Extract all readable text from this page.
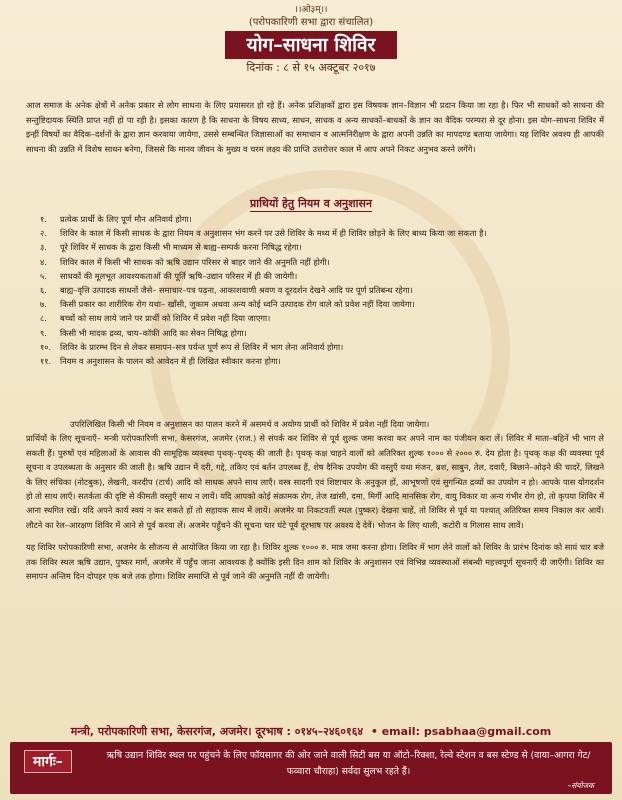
।।ओ३म्।।
(परोपकारिणी सभा द्वारा संचालित)
योग–साधना शिविर
दिनांक : ८ से १५ अक्टूबर २०१७
आज समाज के अनेक क्षेत्रों में अनेक प्रकार से लोग साधना के लिए प्रयासरत हो रहे हैं। अनेक प्रशिक्षकों द्वारा इस विषयक ज्ञान–विज्ञान भी प्रदान किया जा रहा है। फिर भी साधकों को साधना की सन्तुष्टिदायक स्थिति प्राप्त नहीं हो पा रही है। इसका कारण है कि साधना के विषय साध्य, साधन, साधक व अन्य साधकों–बाधकों के ज्ञान का वैदिक परम्परा से दूर होना। इस योग–साधना शिविर में इन्हीं विषयों का वैदिक–दर्शनों के द्वारा ज्ञान करवाया जायेगा, उससे सम्बन्धित जिज्ञासाओं का समाधान व आत्मनिरीक्षण के द्वारा अपनी उन्नति का मापदण्ड बताया जायेगा। यह शिविर अवश्य ही आपकी साधना की उन्नति में विशेष साधन बनेगा, जिससे कि मानव जीवन के मुख्य व चरम लक्ष्य की प्राप्ति उत्तरोत्तर काल में आप अपने निकट अनुभव करने लगेंगे।
प्राथियों हेतु नियम व अनुशासन
१. प्रत्येक प्रार्थी के लिए पूर्ण मौन अनिवार्य होगा।
२. शिविर के काल में किसी साधक के द्वारा नियम व अनुशासन भंग करने पर उसे शिविर के मध्य में ही शिविर छोड़ने के लिए बाध्य किया जा सकता है।
३. पूरे शिविर में साधक के द्वारा किसी भी माध्यम से बाह्य–सम्पर्क करना निषिद्ध रहेगा।
४. शिविर काल में किसी भी साधक को ऋषि उद्यान परिसर से बाहर जाने की अनुमति नहीं होगी।
५. साधकों की मूलभूत आवश्यकताओं की पूर्ति ऋषि–उद्यान परिसर में ही की जायेगी।
६. बाह्य–वृत्ति उत्पादक साधनों जैसे– समाचार–पत्र पढ़ना, आकाशवाणी श्रवण व दूरदर्शन देखने आदि पर पूर्ण प्रतिबन्ध रहेगा।
७. किसी प्रकार का शारीरिक रोग यथा– खाँसी, जुकाम अथवा अन्य कोई ध्वनि उत्पादक रोग वाले को प्रवेश नहीं दिया जायेगा।
८. बच्चों को साथ लाये जाने पर प्रार्थी को शिविर में प्रवेश नहीं दिया जाएगा।
९. किसी भी मादक द्रव्य, चाय–कॉफी आदि का सेवन निषिद्ध होगा।
१०. शिविर के प्रारम्भ दिन से लेकर समापन–सत्र पर्यन्त पूर्ण रूप से शिविर में भाग लेना अनिवार्य होगा।
११. नियम व अनुशासन के पालन को आवेदन में ही लिखित स्वीकार करना होगा।

उपरिलिखित किसी भी नियम व अनुशासन का पालन करने में असमर्थ व अयोग्य प्रार्थी को शिविर में प्रवेश नहीं दिया जायेगा।

प्रार्थियों के लिए सूचनाएँ– मन्त्री परोपकारिणी सभा, केसरगंज, अजमेर (राज.) से संपर्क कर शिविर से पूर्व शुल्क जमा करवा कर अपने नाम का पंजीयन करा लें। शिविर में माता–बहिनें भी भाग ले सकती हैं। पुरुषों एवं महिलाओं के आवास की सामूहिक व्यवस्था पृथक्–पृथक् की जाती है। पृथक् कक्ष चाहने वालों को अतिरिक्त शुल्क १००० से २००० रु. देय होता है। पृथक् कक्ष की व्यवस्था पूर्व सूचना व उपलब्धता के अनुसार की जाती है। ऋषि उद्यान में दरी, गद्दे, तकिए एवं बर्तन उपलब्ध हैं, शेष दैनिक उपयोग की वस्तुएँ यथा मंजन, ब्रश, साबुन, तेल, दवाएँ, बिछाने–ओढ़ने की चादरें, लिखने के लिए संचिका (नोटबुक), लेखनी, करदीप (टार्च) आदि को साधक अपने साथ लाएँ। वस्त्र सादगी एवं शिष्टाचार के अनुकूल हों, आभूषणों एवं सुगन्धित द्रव्यों का उपयोग न हो। आपके पास योगदर्शन हो तो साथ लाएँ। सतर्कता की दृष्टि से कीमती वस्तुएँ साथ न लायें। यदि आपको कोई संक्रामक रोग, तेज खांसी, दमा, मिर्गी आदि मानसिक रोग, वायु विकार या अन्य गंभीर रोग हो, तो कृपया शिविर में आना स्थगित रखें। यदि अपने कार्य स्वयं न कर सकते हों तो सहायक साथ में लायें। अजमेर या निकटवर्ती स्थल (पुष्कर) देखना चाहें, तो शिविर से पूर्व या पश्चात् अतिरिक्त समय निकाल कर आयें। लौटने का रेल–आरक्षण शिविर में आने से पूर्व करवा लें। अजमेर पहुँचने की सूचना चार घंटे पूर्व दूरभाष पर अवश्य दे देवें। भोजन के लिए थाली, कटोरी व गिलास साथ लावें।

यह शिविर परोपकारिणी सभा, अजमेर के सौजन्य से आयोजित किया जा रहा है। शिविर शुल्क १००० रु. मात्र जमा करना होगा। शिविर में भाग लेने वालों को शिविर के प्रारंभ दिनांक को सायं चार बजे तक शिविर स्थल ऋषि उद्यान, पुष्कर मार्ग, अजमेर में पहुँच जाना आवश्यक है क्योंकि इसी दिन शाम को शिविर के अनुशासन एवं विभिन्न व्यवस्थाओं संबन्धी महत्त्वपूर्ण सूचनाएँ दी जाएँगी। शिविर का समापन अन्तिम दिन दोपहर एक बजे तक होगा। शिविर समाप्ति से पूर्व जाने की अनुमति नहीं दी जायेगी।

मन्त्री, परोपकारिणी सभा, केसरगंज, अजमेर। दूरभाष : ०१४५–२४६०१६४ • email: psabhaa@gmail.com
मार्गः–	ऋषि उद्यान शिविर स्थल पर पहुंचने के लिए फॉयसागर की ओर जाने वाली सिटी बस या ऑटो–रिक्शा, रेल्वे स्टेशन व बस स्टेण्ड से (वाया–आगरा गेट/फव्वारा चौराहा) सर्वदा सुलभ रहते हैं।
–संयोजक
